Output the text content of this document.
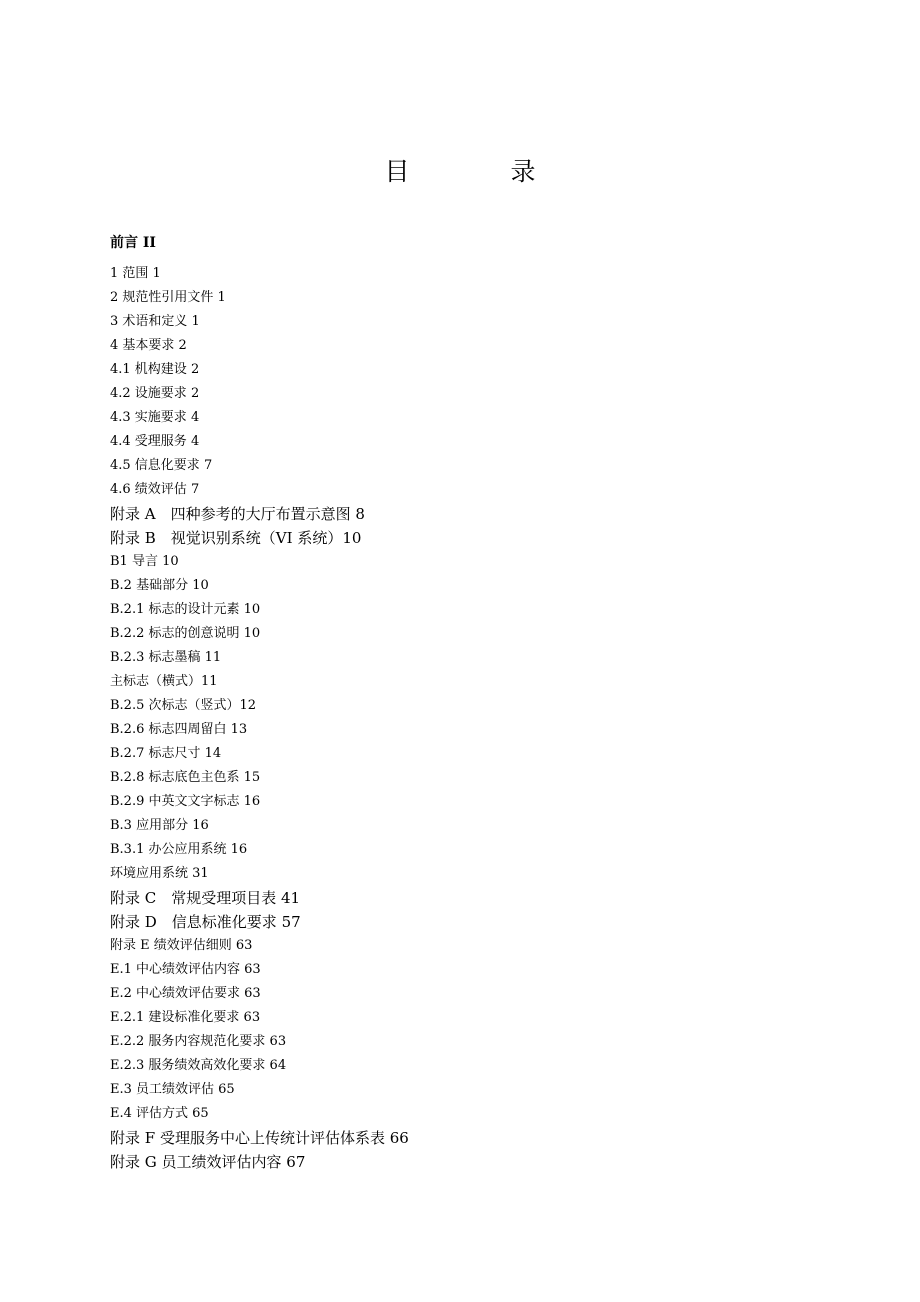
目　录
前言 II
1 范围 1
2 规范性引用文件 1
3 术语和定义 1
4 基本要求 2
4.1 机构建设 2
4.2 设施要求 2
4.3 实施要求 4
4.4 受理服务 4
4.5 信息化要求 7
4.6 绩效评估 7
附录 A　四种参考的大厅布置示意图 8
附录 B　视觉识别系统（VI 系统）10
B1 导言 10
B.2 基础部分 10
B.2.1 标志的设计元素 10
B.2.2 标志的创意说明 10
B.2.3 标志墨稿 11
主标志（横式）11
B.2.5 次标志（竖式）12
B.2.6 标志四周留白 13
B.2.7 标志尺寸 14
B.2.8 标志底色主色系 15
B.2.9 中英文文字标志 16
B.3 应用部分 16
B.3.1 办公应用系统 16
环境应用系统 31
附录 C　常规受理项目表 41
附录 D　信息标准化要求 57
附录 E 绩效评估细则 63
E.1 中心绩效评估内容 63
E.2 中心绩效评估要求 63
E.2.1 建设标准化要求 63
E.2.2 服务内容规范化要求 63
E.2.3 服务绩效高效化要求 64
E.3 员工绩效评估 65
E.4 评估方式 65
附录 F 受理服务中心上传统计评估体系表 66
附录 G 员工绩效评估内容 67
